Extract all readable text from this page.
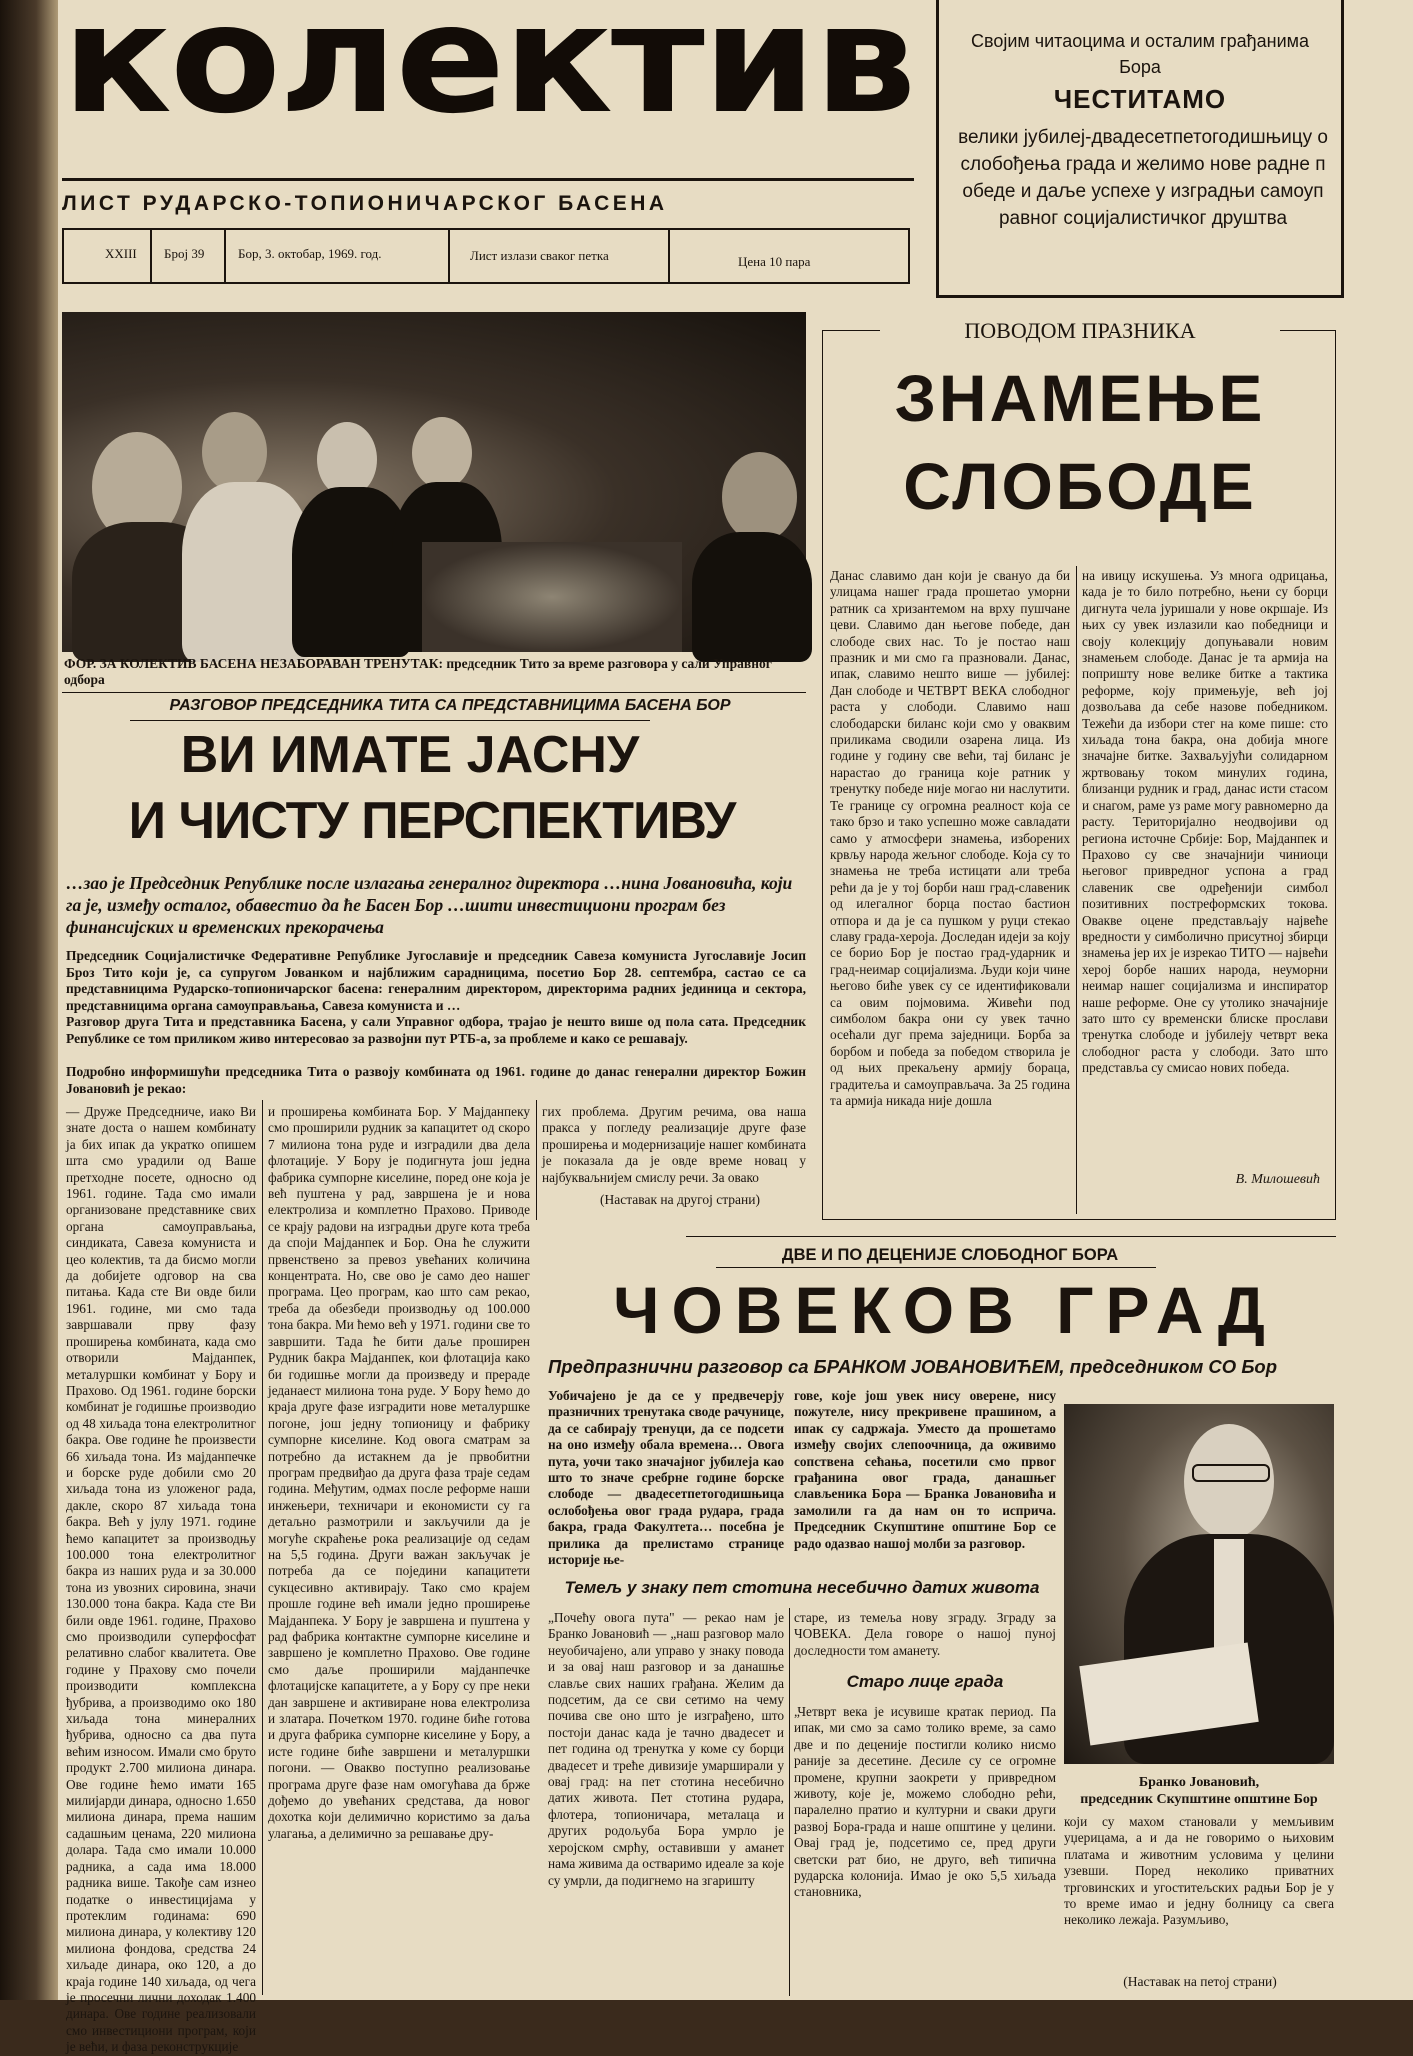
колектив
ЛИСТ РУДАРСКО-ТОПИОНИЧАРСКОГ БАСЕНА
XXIII Број 39	Бор, 3. октобар, 1969. год.	Лист излази сваког петка	Цена 10 пара
Својим читаоцима и осталим грађанима Бора
ЧЕСТИТАМО
велики јубилеј-двадесетпетогодишњицу ослобођења града и желимо нове радне победе и даље успехе у изградњи самоуправног социјалистичког друштва
ФОР. ЗА КОЛЕКТИВ БАСЕНА НЕЗАБОРАВАН ТРЕНУТАК: председник Тито за време разговора у сали Управног одбора
РАЗГОВОР ПРЕДСЕДНИКА ТИТА СА ПРЕДСТАВНИЦИМА БАСЕНА БОР
ВИ ИМАТЕ ЈАСНУ
И ЧИСТУ ПЕРСПЕКТИВУ
…зао је Председник Републике после излагања генералног директора …нина Јовановића, који га је, између осталог, обавестио да ће Басен Бор …шити инвестициони програм без финансијских и временских прекорачења
Председник Социјалистичке Федеративне Републике Југославије и председник Савеза комуниста Југославије Јосип Броз Тито који је, са супругом Јованком и најближим сарадницима, посетио Бор 28. септембра, састао се са представницима Рударско-топионичарског басена: генералним директором, директорима радних јединица и сектора, представницима органа самоуправљања, Савеза комуниста и …
Разговор друга Тита и представника Басена, у сали Управног одбора, трајао је нешто више од пола сата. Председник Републике се том приликом живо интересовао за развојни пут РТБ-а, за проблеме и како се решавају.
Подробно информишући председника Тита о развоју комбината од 1961. године до данас генерални директор Божин Јовановић је рекао:
— Друже Председниче, иако Ви знате доста о нашем комбинату ја бих ипак да укратко опишем шта смо урадили од Ваше претходне посете, односно од 1961. године. Тада смо имали организоване представнике свих органа самоуправљања, синдиката, Савеза комуниста и цео колектив, та да бисмо могли да добијете одговор на сва питања. Када сте Ви овде били 1961. године, ми смо тада завршавали прву фазу проширења комбината, када смо отворили Мајданпек, металуршки комбинат у Бору и Прахово. Од 1961. године борски комбинат је годишње производио од 48 хиљада тона електролитног бакра. Ове године ће произвести 66 хиљада тона. Из мајданпечке и борске руде добили смо 20 хиљада тона из уложеног рада, дакле, скоро 87 хиљада тона бакра. Већ у јулу 1971. године ћемо капацитет за производњу 100.000 тона електролитног бакра из наших руда и за 30.000 тона из увозних сировина, значи 130.000 тона бакра. Када сте Ви били овде 1961. године, Прахово смо производили суперфосфат релативно слабог квалитета. Ове године у Прахову смо почели производити комплексна ђубрива, а производимо око 180 хиљада тона минералних ђубрива, односно са два пута већим износом. Имали смо бруто продукт 2.700 милиона динара. Ове године ћемо имати 165 милијарди динара, односно 1.650 милиона динара, према нашим садашњим ценама, 220 милиона долара. Тада смо имали 10.000 радника, а сада има 18.000 радника више. Такође сам изнео податке о инвестицијама у протеклим годинама: 690 милиона динара, у колективу 120 милиона фондова, средства 24 хиљаде динара, око 120, а до краја године 140 хиљада, од чега је просечни лични доходак 1.400 динара. Ове године реализовали смо инвестициони програм, који је већи, и фаза реконструкције
и проширења комбината Бор. У Мајданпеку смо проширили рудник за капацитет од скоро 7 милиона тона руде и изградили два дела флотације. У Бору је подигнута још једна фабрика сумпорне киселине, поред оне која је већ пуштена у рад, завршена је и нова електролиза и комплетно Прахово. Приводе се крају радови на изградњи друге кота треба да споји Мајданпек и Бор. Она ће служити првенствено за превоз увећаних количина концентрата. Но, све ово је само део нашег програма. Цео програм, као што сам рекао, треба да обезбеди производњу од 100.000 тона бакра. Ми ћемо већ у 1971. години све то завршити. Тада ће бити даље проширен Рудник бакра Мајданпек, кои флотација како би годишње могли да произведу и прераде једанаест милиона тона руде. У Бору ћемо до краја друге фазе изградити нове металуршке погоне, још једну топионицу и фабрику сумпорне киселине. Код овога сматрам за потребно да истакнем да је првобитни програм предвиђао да друга фаза траје седам година. Међутим, одмах после реформе наши инжењери, техничари и економисти су га детаљно размотрили и закључили да је могуће скраћење рока реализације од седам на 5,5 година. Други важан закључак је потреба да се поједини капацитети сукцесивно активирају. Тако смо крајем прошле године већ имали једно проширење Мајданпека. У Бору је завршена и пуштена у рад фабрика контактне сумпорне киселине и завршено је комплетно Прахово. Ове године смо даље проширили мајданпечке флотацијске капацитете, а у Бору су пре неки дан завршене и активиране нова електролиза и златара. Почетком 1970. године биће готова и друга фабрика сумпорне киселине у Бору, а исте године биће завршени и металуршки погони. — Овакво поступно реализовање програма друге фазе нам омогућава да брже дођемо до увећаних средстава, да новог дохотка који делимично користимо за даља улагања, а делимично за решавање дру-
гих проблема. Другим речима, ова наша пракса у погледу реализације друге фазе проширења и модернизације нашег комбината је показала да је овде време новац у најбукваљнијем смислу речи. За овако
(Наставак на другој страни)
ПОВОДОМ ПРАЗНИКА
ЗНАМЕЊЕ
СЛОБОДЕ
Данас славимо дан који је свануо да би улицама нашег града прошетао уморни ратник са хризантемом на врху пушчане цеви. Славимо дан његове победе, дан слободе свих нас. То је постао наш празник и ми смо га празновали. Данас, ипак, славимо нешто више — јубилеј: Дан слободе и ЧЕТВРТ ВЕКА слободног раста у слободи. Славимо наш слободарски биланс који смо у оваквим приликама сводили озарена лица. Из године у годину све већи, тај биланс је нарастао до граница које ратник у тренутку победе није могао ни наслутити. Те границе су огромна реалност која се тако брзо и тако успешно може савладати само у атмосфери знамења, изборених крвљу народа жељног слободе. Која су то знамења не треба истицати али треба рећи да је у тој борби наш град-славеник од илегалног борца постао бастион отпора и да је са пушком у руци стекао славу града-хероја. Доследан идеји за коју се борио Бор је постао град-ударник и град-неимар социјализма. Људи који чине његово биће увек су се идентификовали са овим појмовима. Живећи под симболом бакра они су увек тачно осећали дуг према заједници. Борба за борбом и победа за победом створила је од њих прекаљену армију бораца, градитеља и самоуправљача. За 25 година та армија никада није дошла
на ивицу искушења. Уз многа одрицања, када је то било потребно, њени су борци дигнута чела јуришали у нове окршаје. Из њих су увек излазили као победници и своју колекцију допуњавали новим знамењем слободе. Данас је та армија на попришту нове велике битке а тактика реформе, коју примењује, већ јој дозвољава да себе назове победником. Тежећи да избори стег на коме пише: сто хиљада тона бакра, она добија многе значајне битке. Захваљујући солидарном жртвовању током минулих година, близанци рудник и град, данас исти стасом и снагом, раме уз раме могу равномерно да расту. Територијално неодвојиви од региона источне Србије: Бор, Мајданпек и Прахово су све значајнији чиниоци његовог привредног успона а град славеник све одређенији симбол позитивних постреформских токова. Овакве оцене представљају највеће вредности у симболично присутној збирци знамења јер их је изрекао ТИТО — највећи херој борбе наших народа, неуморни неимар нашег социјализма и инспиратор наше реформе. Оне су утолико значајније зато што су временски блиске прослави тренутка слободе и јубилеју четврт века слободног раста у слободи. Зато што представља су смисао нових победа.
В. Милошевић
ДВЕ И ПО ДЕЦЕНИЈЕ СЛОБОДНОГ БОРА
ЧОВЕКОВ ГРАД
Предпразнични разговор са БРАНКОМ ЈОВАНОВИЋЕМ, председником СО Бор
Уобичајено је да се у предвечерју празничних тренутака своде рачунице, да се сабирају тренуци, да се подсети на оно између обала времена… Овога пута, уочи тако значајног јубилеја као што то значе сребрне године борске слободе — двадесетпетогодишњица ослобођења овог града рудара, града бакра, града Факултета… посебна је прилика да прелистамо странице историје ње-
гове, које још увек нису оверене, нису пожутеле, нису прекривене прашином, а ипак су садржаја. Уместо да прошетамо између својих слепоочница, да оживимо сопствена сећања, посетили смо првог грађанина овог града, данашњег слављеника Бора — Бранка Јовановића и замолили га да нам он то исприча. Председник Скупштине општине Бор се радо одазвао нашој молби за разговор.
Темељ у знаку пет стотина несебично датих живота
„Почећу овога пута" — рекао нам је Бранко Јовановић — „наш разговор мало неуобичајено, али управо у знаку повода и за овај наш разговор и за данашње славље свих наших грађана. Желим да подсетим, да се сви сетимо на чему почива све оно што је изграђено, што постоји данас када је тачно двадесет и пет година од тренутка у коме су борци двадесет и треће дивизије умарширали у овај град: на пет стотина несебично датих живота. Пет стотина рудара, флотера, топионичара, металаца и других родољуба Бора умрло је херојском смрћу, оставивши у аманет нама живима да остваримо идеале за које су умрли, да подигнемо на згаришту
старе, из темеља нову зграду. Зграду за ЧОВЕКА. Дела говоре о нашој пуној доследности том аманету.
Старо лице града
„Четврт века је исувише кратак период. Па ипак, ми смо за само толико време, за само две и по деценије постигли колико нисмо раније за десетине. Десиле су се огромне промене, крупни заокрети у привредном животу, које је, можемо слободно рећи, паралелно пратио и културни и сваки други развој Бора-града и наше општине у целини. Овај град је, подсетимо се, пред други светски рат био, не друго, већ типична рударска колонија. Имао је око 5,5 хиљада становника,
Бранко Јовановић,
председник Скупштине општине Бор
који су махом становали у мемљивим уџерицама, а и да не говоримо о њиховим платама и животним условима у целини узевши. Поред неколико приватних трговинских и угоститељских радњи Бор је у то време имао и једну болницу са свега неколико лежаја. Разумљиво,
(Наставак на петој страни)
